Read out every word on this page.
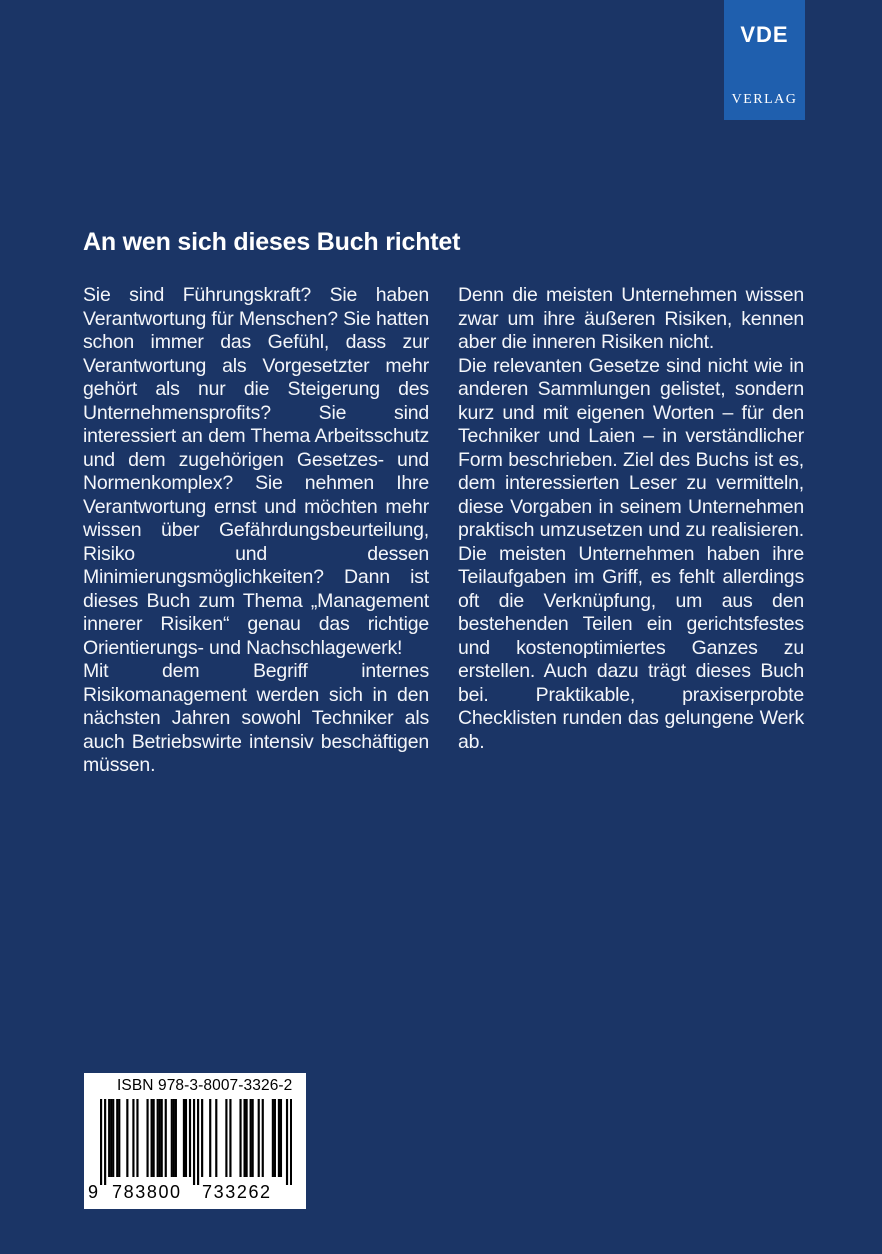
VDE
VERLAG
An wen sich dieses Buch richtet

Sie sind Führungskraft? Sie haben Verantwortung für Menschen? Sie hatten schon immer das Gefühl, dass zur Verantwortung als Vorgesetzter mehr gehört als nur die Steigerung des Unternehmensprofits? Sie sind interessiert an dem Thema Arbeitsschutz und dem zugehörigen Gesetzes- und Normenkomplex? Sie nehmen Ihre Verantwortung ernst und möchten mehr wissen über Gefährdungsbeurteilung, Risiko und dessen Minimierungsmöglichkeiten? Dann ist dieses Buch zum Thema „Management innerer Risiken“ genau das richtige Orientierungs- und Nachschlagewerk!

Mit dem Begriff internes Risikomanagement werden sich in den nächsten Jahren sowohl Techniker als auch Betriebswirte intensiv beschäftigen müssen.

Denn die meisten Unternehmen wissen zwar um ihre äußeren Risiken, kennen aber die inneren Risiken nicht.

Die relevanten Gesetze sind nicht wie in anderen Sammlungen gelistet, sondern kurz und mit eigenen Worten – für den Techniker und Laien – in verständlicher Form beschrieben. Ziel des Buchs ist es, dem interessierten Leser zu vermitteln, diese Vorgaben in seinem Unternehmen praktisch umzusetzen und zu realisieren. Die meisten Unternehmen haben ihre Teilaufgaben im Griff, es fehlt allerdings oft die Verknüpfung, um aus den bestehenden Teilen ein gerichtsfestes und kostenoptimiertes Ganzes zu erstellen. Auch dazu trägt dieses Buch bei. Praktikable, praxiserprobte Checklisten runden das gelungene Werk ab.

ISBN 978-3-8007-3326-2
9 783800 733262
